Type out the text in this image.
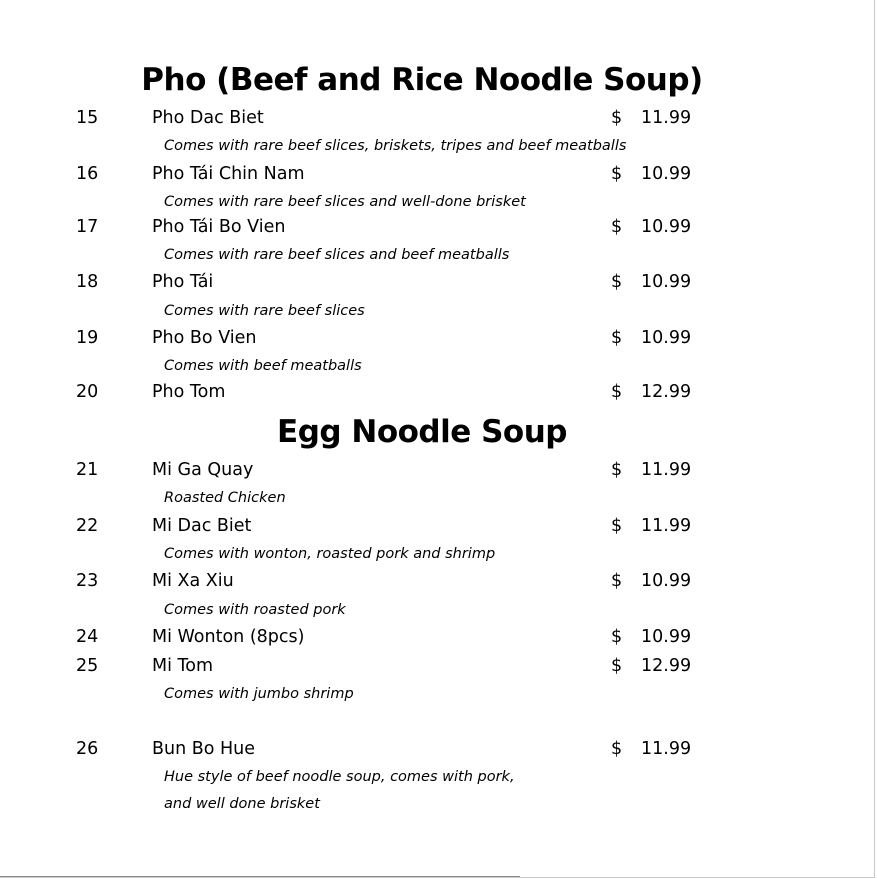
Pho (Beef and Rice Noodle Soup)
15	Pho Dac Biet	$ 11.99
Comes with rare beef slices, briskets, tripes and beef meatballs
16	Pho Tái Chin Nam	$ 10.99
Comes with rare beef slices and well-done brisket
17	Pho Tái Bo Vien	$ 10.99
Comes with rare beef slices and beef meatballs
18	Pho Tái	$ 10.99
Comes with rare beef slices
19	Pho Bo Vien	$ 10.99
Comes with beef meatballs
20	Pho Tom	$ 12.99
Egg Noodle Soup
21	Mi Ga Quay	$ 11.99
Roasted Chicken
22	Mi Dac Biet	$ 11.99
Comes with wonton, roasted pork and shrimp
23	Mi Xa Xiu	$ 10.99
Comes with roasted pork
24	Mi Wonton (8pcs)	$ 10.99
25	Mi Tom	$ 12.99
Comes with jumbo shrimp
26	Bun Bo Hue	$ 11.99
Hue style of beef noodle soup, comes with pork,
and well done brisket
